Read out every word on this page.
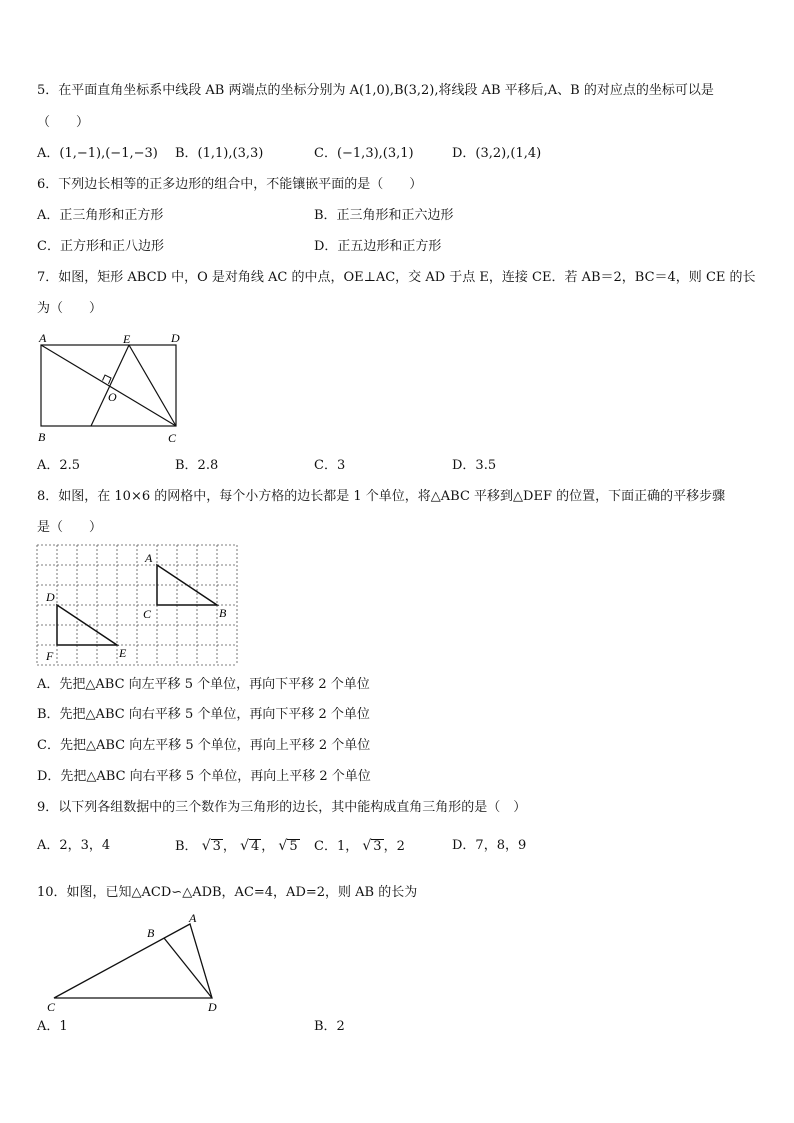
5．在平面直角坐标系中线段 AB 两端点的坐标分别为 A(1,0),B(3,2),将线段 AB 平移后,A、B 的对应点的坐标可以是
（　　）
A．(1,−1),(−1,−3) B．(1,1),(3,3)	C．(−1,3),(3,1)	D．(3,2),(1,4)
6．下列边长相等的正多边形的组合中，不能镶嵌平面的是（　　）
A．正三角形和正方形	B．正三角形和正六边形
C．正方形和正八边形	D．正五边形和正方形
7．如图，矩形 ABCD 中，O 是对角线 AC 的中点，OE⊥AC，交 AD 于点 E，连接 CE．若 AB＝2，BC＝4，则 CE 的长
为（　　）
A	E	D
O
B	C
A．2.5	B．2.8	C．3	D．3.5
8．如图，在 10×6 的网格中，每个小方格的边长都是 1 个单位，将△ABC 平移到△DEF 的位置，下面正确的平移步骤
是（　　）
A
B
C
D
E
F
A．先把△ABC 向左平移 5 个单位，再向下平移 2 个单位
B．先把△ABC 向右平移 5 个单位，再向下平移 2 个单位
C．先把△ABC 向左平移 5 个单位，再向上平移 2 个单位
D．先把△ABC 向右平移 5 个单位，再向上平移 2 个单位
9．以下列各组数据中的三个数作为三角形的边长，其中能构成直角三角形的是（　）
A．2，3，4	B． √ 3 ， √ 4 ， √ 5 C．1， √ 3 ，2	D．7，8，9
10．如图，已知△ACD∽△ADB，AC=4，AD=2，则 AB 的长为
A
B
C	D
A．1	B．2
